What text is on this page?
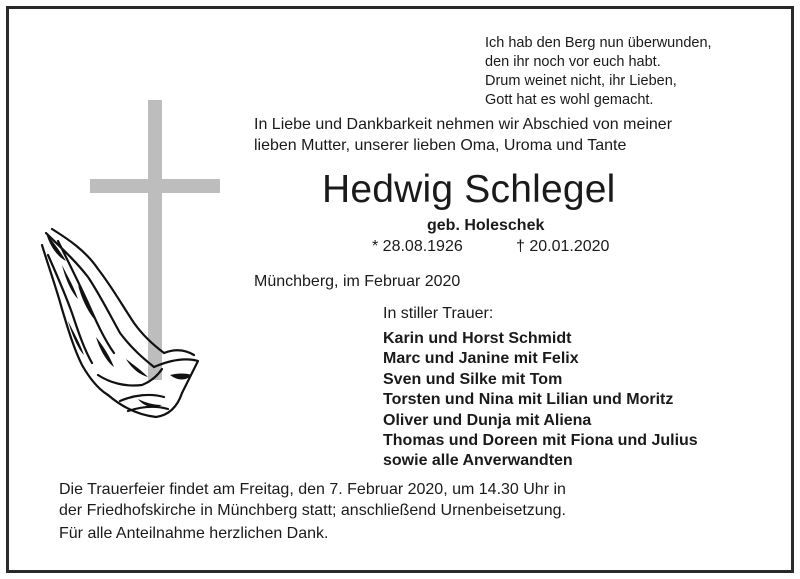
Ich hab den Berg nun überwunden,
den ihr noch vor euch habt.
Drum weinet nicht, ihr Lieben,
Gott hat es wohl gemacht.
In Liebe und Dankbarkeit nehmen wir Abschied von meiner
lieben Mutter, unserer lieben Oma, Uroma und Tante
Hedwig Schlegel
geb. Holeschek
* 28.08.1926	† 20.01.2020
Münchberg, im Februar 2020
In stiller Trauer:
Karin und Horst Schmidt
Marc und Janine mit Felix
Sven und Silke mit Tom
Torsten und Nina mit Lilian und Moritz
Oliver und Dunja mit Aliena
Thomas und Doreen mit Fiona und Julius
sowie alle Anverwandten
Die Trauerfeier findet am Freitag, den 7. Februar 2020, um 14.30 Uhr in
der Friedhofskirche in Münchberg statt; anschließend Urnenbeisetzung.
Für alle Anteilnahme herzlichen Dank.
